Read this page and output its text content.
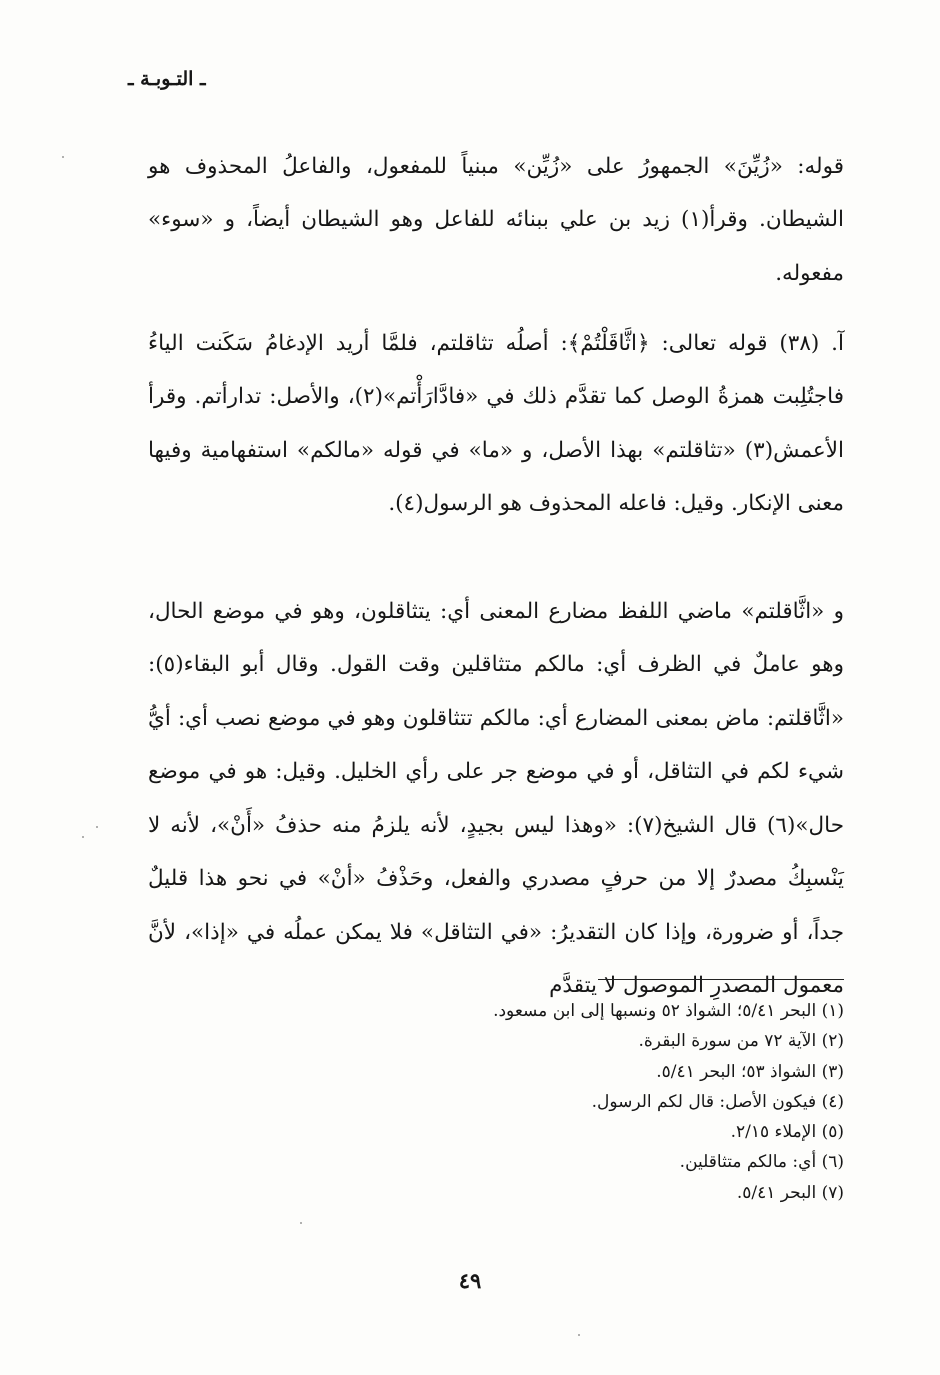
ـ التـوبـة ـ

قوله: «زُيِّنَ» الجمهورُ على «زُيِّن» مبنياً للمفعول، والفاعلُ المحذوف هو الشيطان. وقرأ(١) زيد بن علي ببنائه للفاعل وهو الشيطان أيضاً، و «سوء» مفعوله.

آ. (٣٨) قوله تعالى: ﴿اثَّاقَلْتُمْ﴾: أصلُه تثاقلتم، فلمَّا أريد الإدغامُ سَكَنت الياءُ فاجتُلِبت همزةُ الوصل كما تقدَّم ذلك في «فادَّارَأْتم»(٢)، والأصل: تدارأتم. وقرأ الأعمش(٣) «تثاقلتم» بهذا الأصل، و «ما» في قوله «مالكم» استفهامية وفيها معنى الإنكار. وقيل: فاعله المحذوف هو الرسول(٤).

و «اثَّاقلتم» ماضي اللفظ مضارع المعنى أي: يتثاقلون، وهو في موضع الحال، وهو عاملٌ في الظرف أي: مالكم متثاقلين وقت القول. وقال أبو البقاء(٥): «اثَّاقلتم: ماض بمعنى المضارع أي: مالكم تتثاقلون وهو في موضع نصب أي: أيُّ شيء لكم في التثاقل، أو في موضع جر على رأي الخليل. وقيل: هو في موضع حال»(٦) قال الشيخ(٧): «وهذا ليس بجيدٍ، لأنه يلزمُ منه حذفُ «أَنْ»، لأنه لا يَنْسبِكُ مصدرٌ إلا من حرفٍ مصدري والفعل، وحَذْفُ «أنْ» في نحو هذا قليلٌ جداً، أو ضرورة، وإذا كان التقديرُ: «في التثاقل» فلا يمكن عملُه في «إذا»، لأنَّ معمول المصدرِ الموصول لا يتقدَّم

(١) البحر ٥/٤١؛ الشواذ ٥٢ ونسبها إلى ابن مسعود.
(٢) الآية ٧٢ من سورة البقرة.
(٣) الشواذ ٥٣؛ البحر ٥/٤١.
(٤) فيكون الأصل: قال لكم الرسول.
(٥) الإملاء ٢/١٥.
(٦) أي: مالكم متثاقلين.
(٧) البحر ٥/٤١.
٤٩
